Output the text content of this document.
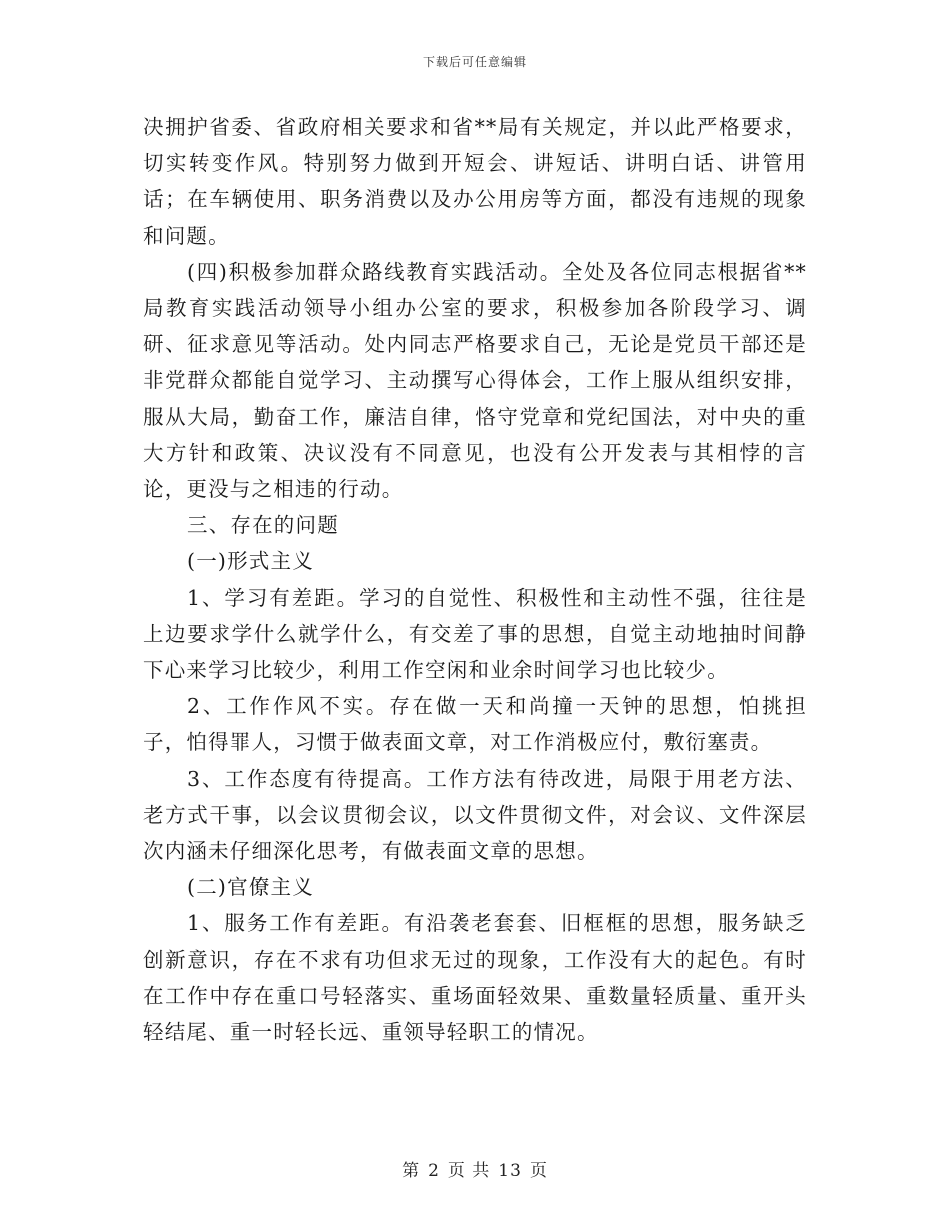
下载后可任意编辑

决拥护省委、省政府相关要求和省**局有关规定，并以此严格要求，切实转变作风。特别努力做到开短会、讲短话、讲明白话、讲管用话；在车辆使用、职务消费以及办公用房等方面，都没有违规的现象和问题。

(四)积极参加群众路线教育实践活动。全处及各位同志根据省**局教育实践活动领导小组办公室的要求，积极参加各阶段学习、调研、征求意见等活动。处内同志严格要求自己，无论是党员干部还是非党群众都能自觉学习、主动撰写心得体会，工作上服从组织安排，服从大局，勤奋工作，廉洁自律，恪守党章和党纪国法，对中央的重大方针和政策、决议没有不同意见，也没有公开发表与其相悖的言论，更没与之相违的行动。

三、存在的问题

(一)形式主义

1、学习有差距。学习的自觉性、积极性和主动性不强，往往是上边要求学什么就学什么，有交差了事的思想，自觉主动地抽时间静下心来学习比较少，利用工作空闲和业余时间学习也比较少。

2、工作作风不实。存在做一天和尚撞一天钟的思想，怕挑担子，怕得罪人，习惯于做表面文章，对工作消极应付，敷衍塞责。

3、工作态度有待提高。工作方法有待改进，局限于用老方法、老方式干事，以会议贯彻会议，以文件贯彻文件，对会议、文件深层次内涵未仔细深化思考，有做表面文章的思想。

(二)官僚主义

1、服务工作有差距。有沿袭老套套、旧框框的思想，服务缺乏创新意识，存在不求有功但求无过的现象，工作没有大的起色。有时在工作中存在重口号轻落实、重场面轻效果、重数量轻质量、重开头轻结尾、重一时轻长远、重领导轻职工的情况。

第 2 页 共 13 页
